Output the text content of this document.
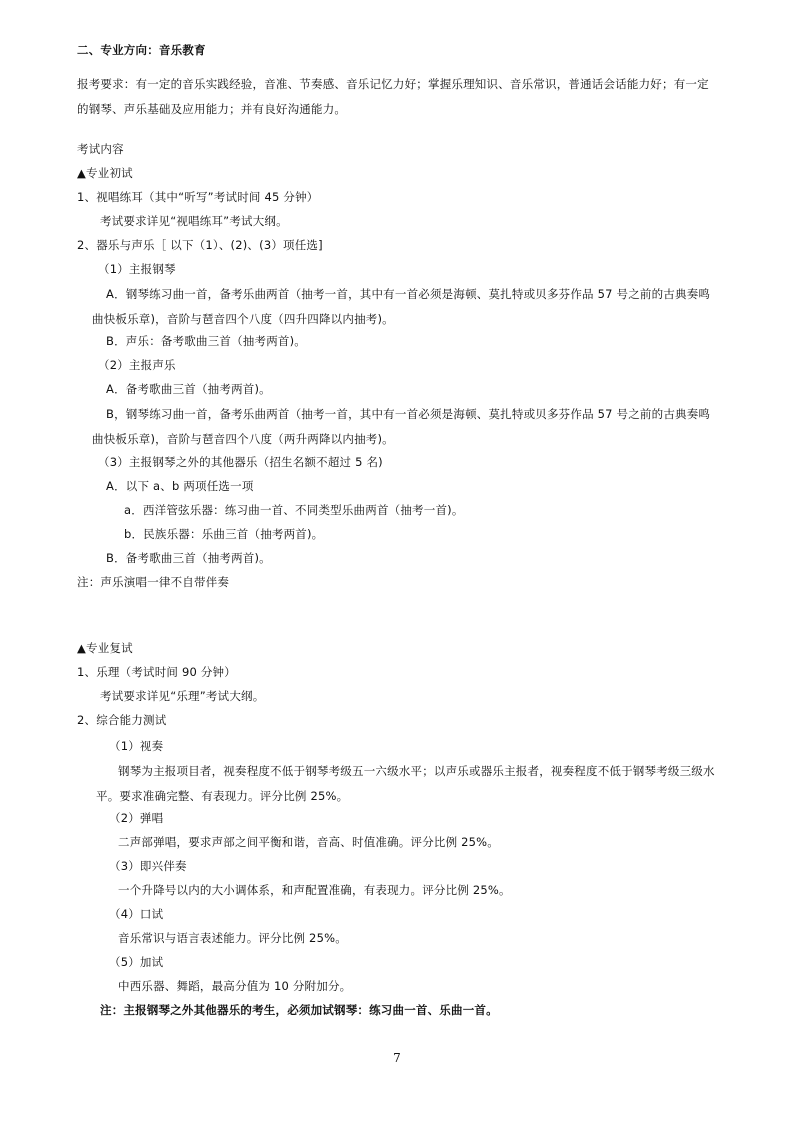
二、专业方向：音乐教育
报考要求：有一定的音乐实践经验，音准、节奏感、音乐记忆力好；掌握乐理知识、音乐常识，普通话会话能力好；有一定的钢琴、声乐基础及应用能力；并有良好沟通能力。
考试内容
▲专业初试
1、视唱练耳（其中“听写”考试时间 45 分钟）
考试要求详见“视唱练耳”考试大纲。
2、器乐与声乐［ 以下（1）、(2)、(3）项任选]
（1）主报钢琴
A．钢琴练习曲一首，备考乐曲两首（抽考一首，其中有一首必须是海顿、莫扎特或贝多芬作品 57 号之前的古典奏鸣曲快板乐章)，音阶与琶音四个八度（四升四降以内抽考)。
B．声乐：备考歌曲三首（抽考两首)。
（2）主报声乐
A．备考歌曲三首（抽考两首)。
B，钢琴练习曲一首，备考乐曲两首（抽考一首，其中有一首必须是海顿、莫扎特或贝多芬作品 57 号之前的古典奏鸣曲快板乐章)，音阶与琶音四个八度（两升两降以内抽考)。
（3）主报钢琴之外的其他器乐（招生名额不超过 5 名)
A．以下 a、b 两项任选一项
a．西洋管弦乐器：练习曲一首、不同类型乐曲两首（抽考一首)。
b．民族乐器：乐曲三首（抽考两首)。
B．备考歌曲三首（抽考两首)。
注：声乐演唱一律不自带伴奏
▲专业复试
1、乐理（考试时间 90 分钟）
考试要求详见“乐理”考试大纲。
2、综合能力测试
（1）视奏
钢琴为主报项目者，视奏程度不低于钢琴考级五一六级水平；以声乐或器乐主报者，视奏程度不低于钢琴考级三级水平。要求准确完整、有表现力。评分比例 25%。
（2）弹唱
二声部弹唱，要求声部之间平衡和谐，音高、时值准确。评分比例 25%。
（3）即兴伴奏
一个升降号以内的大小调体系，和声配置准确，有表现力。评分比例 25%。
（4）口试
音乐常识与语言表述能力。评分比例 25%。
（5）加试
中西乐器、舞蹈，最高分值为 10 分附加分。
注：主报钢琴之外其他器乐的考生，必须加试钢琴：练习曲一首、乐曲一首。
7
